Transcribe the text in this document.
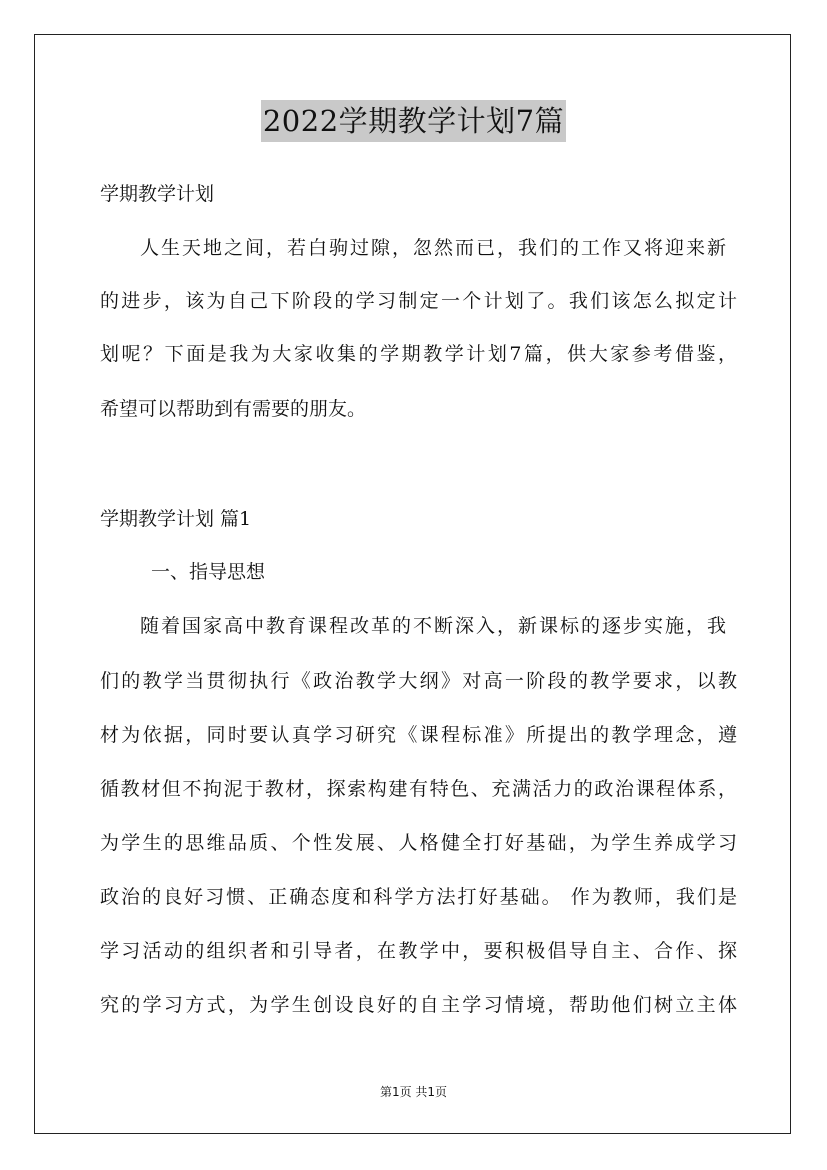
2022学期教学计划7篇

学期教学计划

人生天地之间，若白驹过隙，忽然而已，我们的工作又将迎来新

的进步，该为自己下阶段的学习制定一个计划了。我们该怎么拟定计

划呢？下面是我为大家收集的学期教学计划7篇，供大家参考借鉴，

希望可以帮助到有需要的朋友。

学期教学计划 篇1

一、指导思想

随着国家高中教育课程改革的不断深入，新课标的逐步实施，我

们的教学当贯彻执行《政治教学大纲》对高一阶段的教学要求，以教

材为依据，同时要认真学习研究《课程标准》所提出的教学理念，遵

循教材但不拘泥于教材，探索构建有特色、充满活力的政治课程体系，

为学生的思维品质、个性发展、人格健全打好基础，为学生养成学习

政治的良好习惯、正确态度和科学方法打好基础。 作为教师，我们是

学习活动的组织者和引导者，在教学中，要积极倡导自主、合作、探

究的学习方式，为学生创设良好的自主学习情境，帮助他们树立主体

第1页 共1页
